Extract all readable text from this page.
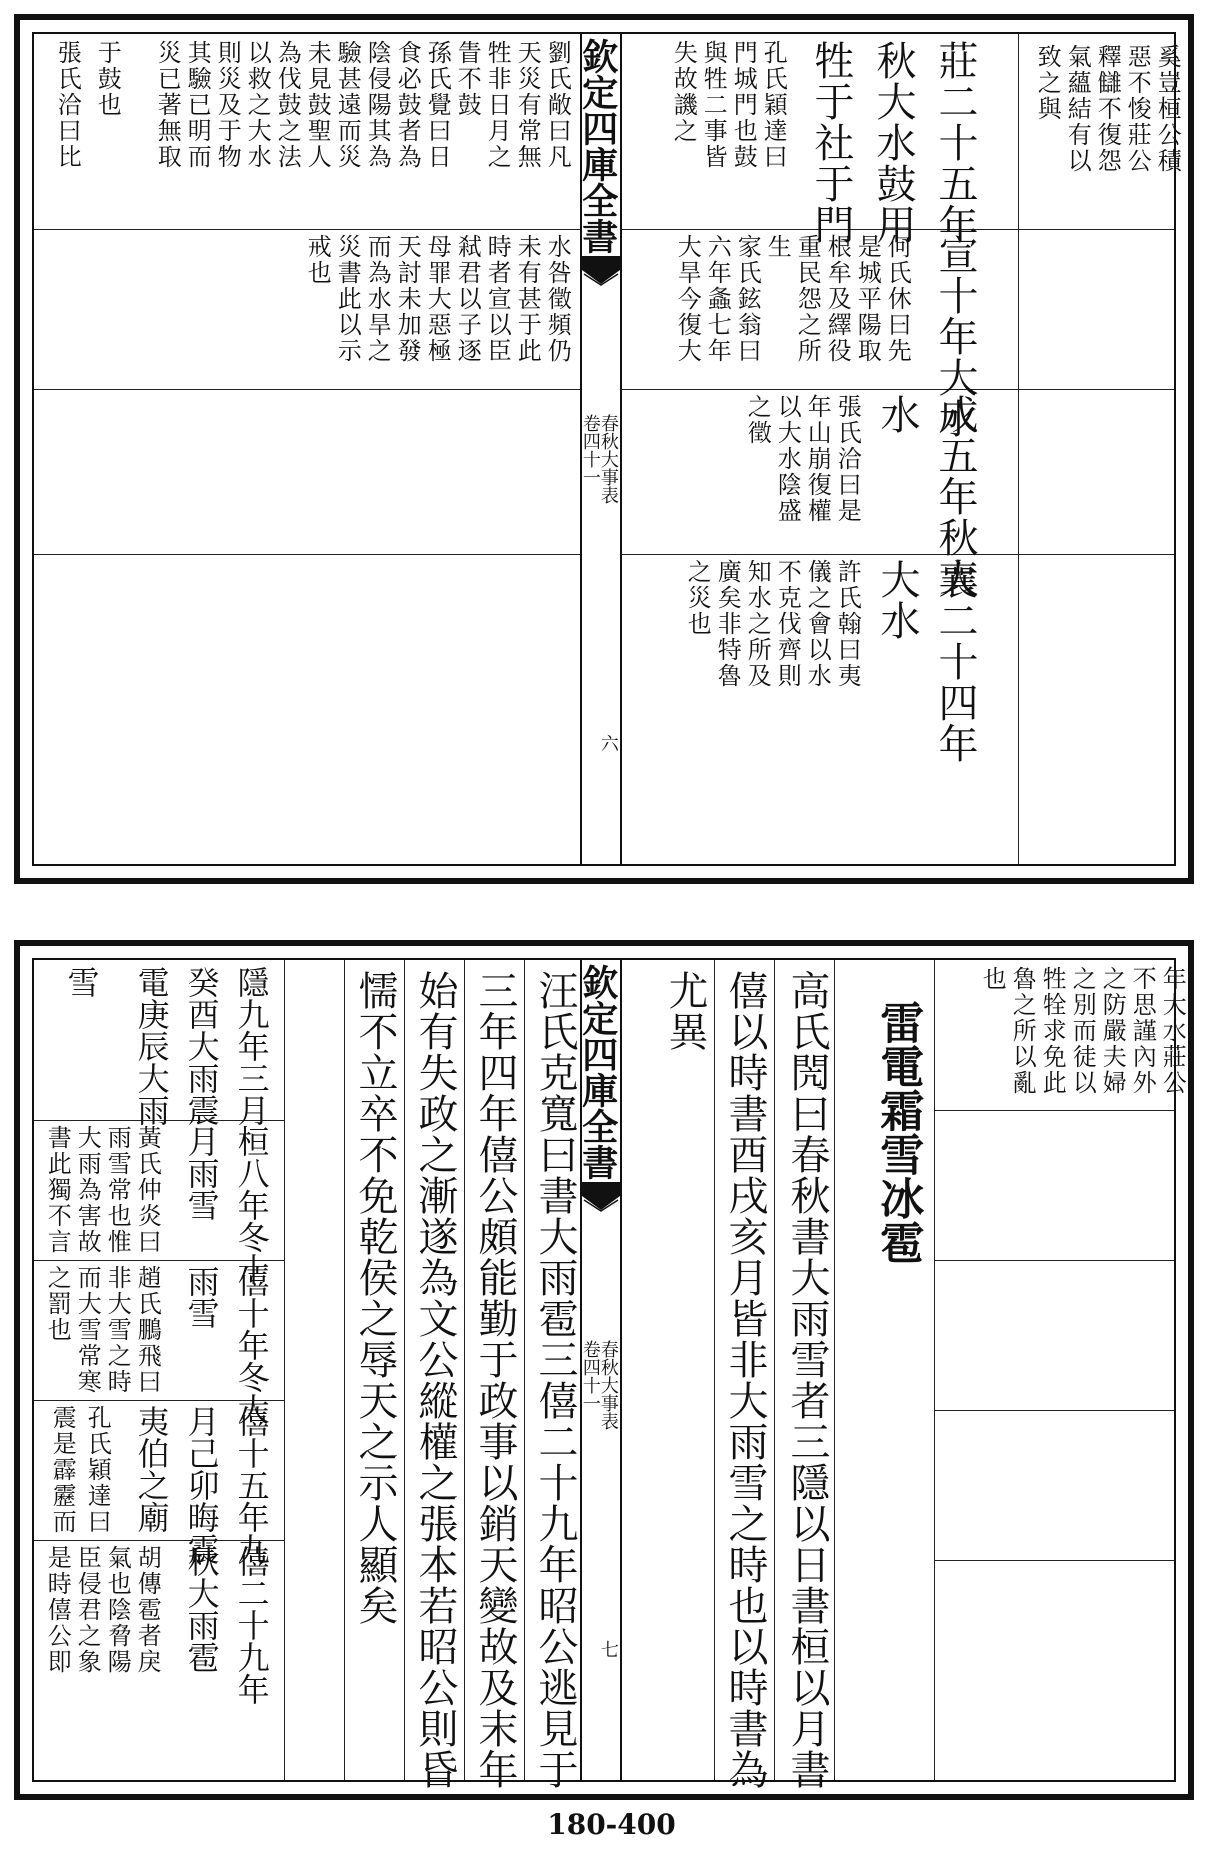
欽定四庫全書
春秋大事表
卷四十一
六
奚豈桓公積
惡不悛莊公
釋讎不復怨
氣蘊結有以
致之與
莊二十五年
秋大水鼓用
牲于社于門
孔氏穎達曰
門城門也鼓
與牲二事皆
失故譏之
劉氏敞曰凡
天災有常無
牲非日月之
眚不鼓
孫氏覺曰日
食必鼓者為
陰侵陽其為
驗甚遠而災
未見鼓聖人
為伐鼓之法
以救之大水
則災及于物
其驗已明而
災已著無取
于鼓也
張氏洽曰比
水咎徵頻仍
未有甚于此
時者宣以臣
弒君以子逐
母罪大惡極
天討未加發
而為水旱之
災書此以示
戒也	宣十年大水
何氏休曰先
是城平陽取
根牟及繹役
重民怨之所
生
家氏鉉翁曰
六年螽七年
大旱今復大
水 成五年秋大
張氏洽曰是
年山崩復權
以大水陰盛
之徵
襄二十四年
大水
許氏翰曰夷
儀之會以水
不克伐齊則
知水之所及
廣矣非特魯
之災也
欽定四庫全書
春秋大事表
卷四十一
七
年大水莊公
不思謹內外
之防嚴夫婦
之別而徒以
牲牷求免此
魯之所以亂
也
雷電霜雪冰雹
高氏閌曰春秋書大雨雪者三隱以日書桓以月書
僖以時書酉戌亥月皆非大雨雪之時也以時書為
尤異
汪氏克寬曰書大雨雹三僖二十九年昭公逃見于
三年四年僖公頗能勤于政事以銷天變故及末年
始有失政之漸遂為文公縱權之張本若昭公則昏
懦不立卒不免乾侯之辱天之示人顯矣
隱九年三月
癸酉大雨震
電庚辰大雨
雪
桓八年冬十
月雨雪
黃氏仲炎曰
雨雪常也惟
大雨為害故
書此獨不言
僖十年冬大
雨雪
趙氏鵬飛曰
非大雪之時
而大雪常寒
之罰也
僖十五年九
月己卯晦震
夷伯之廟
孔氏穎達曰
震是霹靂而
僖二十九年
秋大雨雹
胡傳雹者戾
氣也陰脅陽
臣侵君之象
是時僖公即
180-400
